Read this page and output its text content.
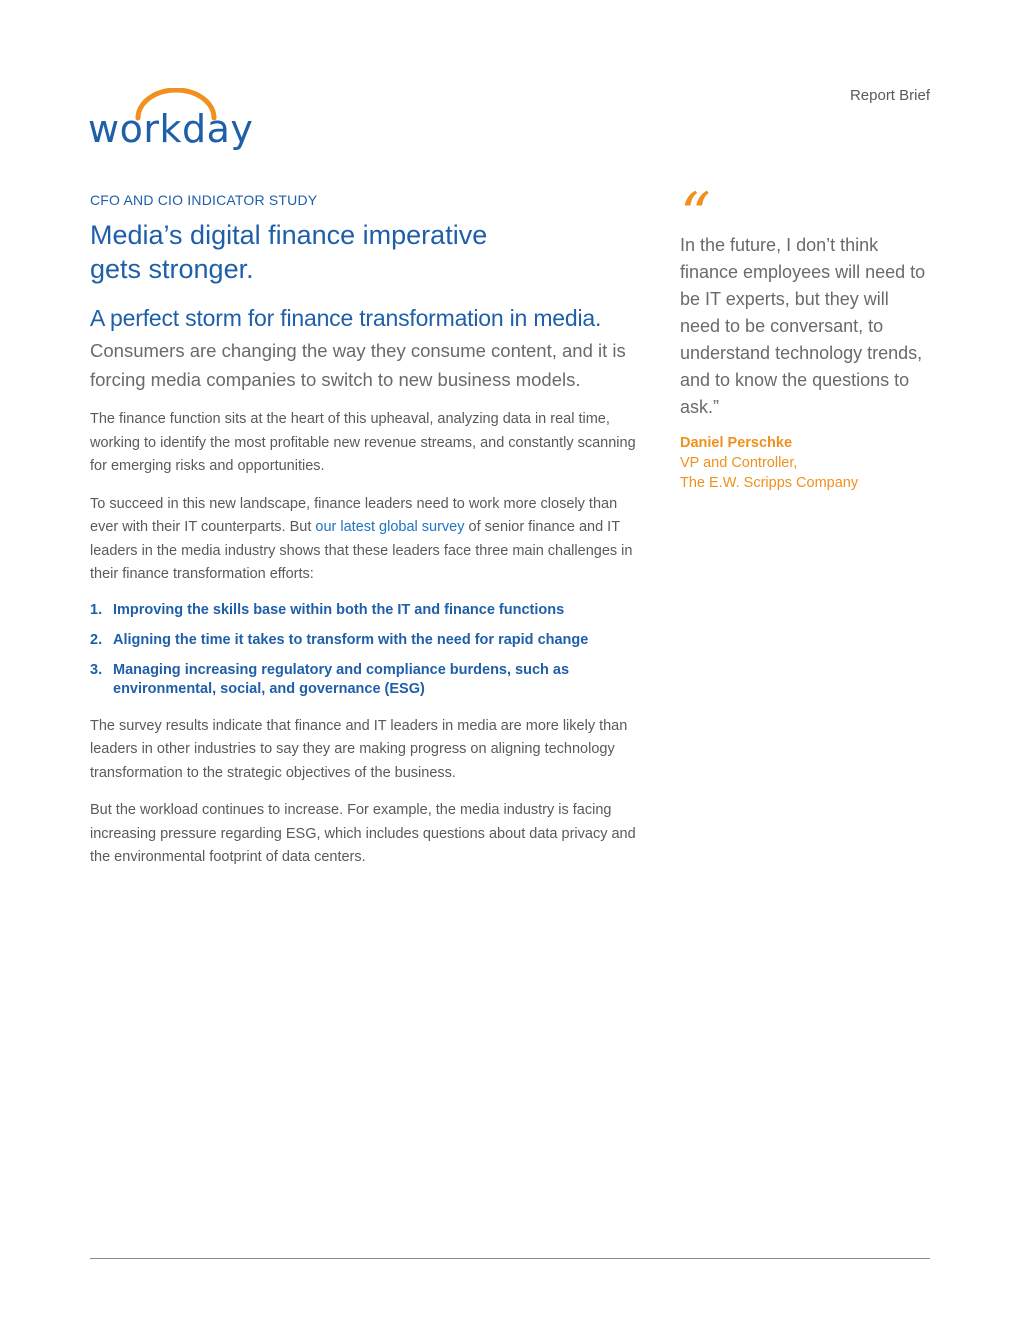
workday
Report Brief

CFO AND CIO INDICATOR STUDY

Media’s digital finance imperative gets stronger.
A perfect storm for finance transformation in media.

Consumers are changing the way they consume content, and it is forcing media companies to switch to new business models.

The finance function sits at the heart of this upheaval, analyzing data in real time, working to identify the most profitable new revenue streams, and constantly scanning for emerging risks and opportunities.

To succeed in this new landscape, finance leaders need to work more closely than ever with their IT counterparts. But our latest global survey of senior finance and IT leaders in the media industry shows that these leaders face three main challenges in their finance transformation efforts:

1. Improving the skills base within both the IT and finance functions
2. Aligning the time it takes to transform with the need for rapid change
3. Managing increasing regulatory and compliance burdens, such as environmental, social, and governance (ESG)

The survey results indicate that finance and IT leaders in media are more likely than leaders in other industries to say they are making progress on aligning technology transformation to the strategic objectives of the business.

But the workload continues to increase. For example, the media industry is facing increasing pressure regarding ESG, which includes questions about data privacy and the environmental footprint of data centers.

“

In the future, I don’t think finance employees will need to be IT experts, but they will need to be conversant, to understand technology trends, and to know the questions to ask.”

Daniel Perschke

VP and Controller,

The E.W. Scripps Company
